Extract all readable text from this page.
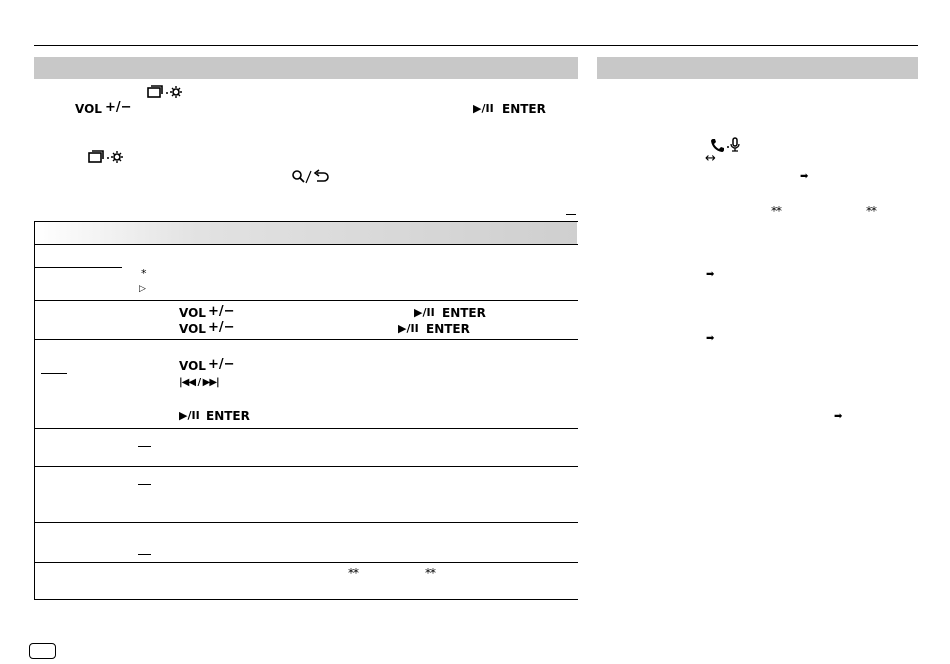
VOL +/−	▶/II ENTER
*
▷
VOL +/−	▶/II ENTER
VOL +/−	▶/II ENTER
VOL +/−
|◀◀ / ▶▶|
▶/II ENTER
**	**
↔
➡
**	**
➡
➡
➡
